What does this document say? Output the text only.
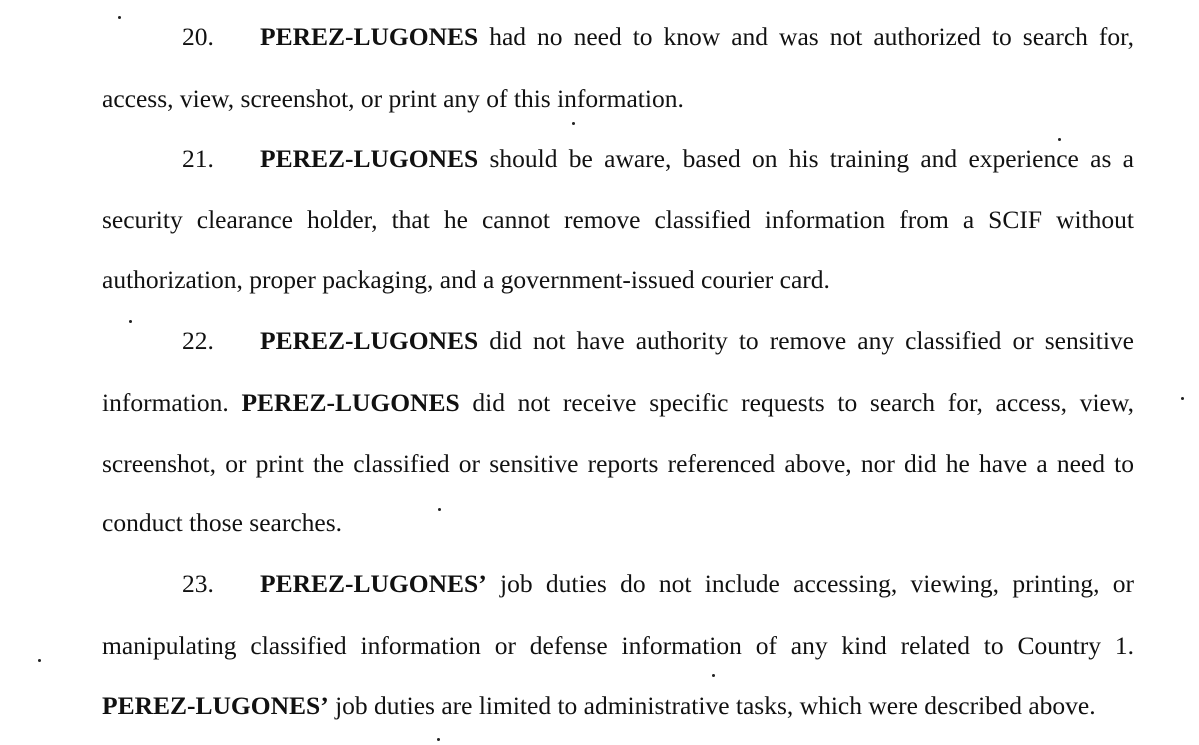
20. PEREZ-LUGONES had no need to know and was not authorized to search for,
access, view, screenshot, or print any of this information.
21. PEREZ-LUGONES should be aware, based on his training and experience as a
security clearance holder, that he cannot remove classified information from a SCIF without
authorization, proper packaging, and a government-issued courier card.
22. PEREZ-LUGONES did not have authority to remove any classified or sensitive
information. PEREZ-LUGONES did not receive specific requests to search for, access, view,
screenshot, or print the classified or sensitive reports referenced above, nor did he have a need to
conduct those searches.
23. PEREZ-LUGONES’ job duties do not include accessing, viewing, printing, or
manipulating classified information or defense information of any kind related to Country 1.
PEREZ-LUGONES’ job duties are limited to administrative tasks, which were described above.
